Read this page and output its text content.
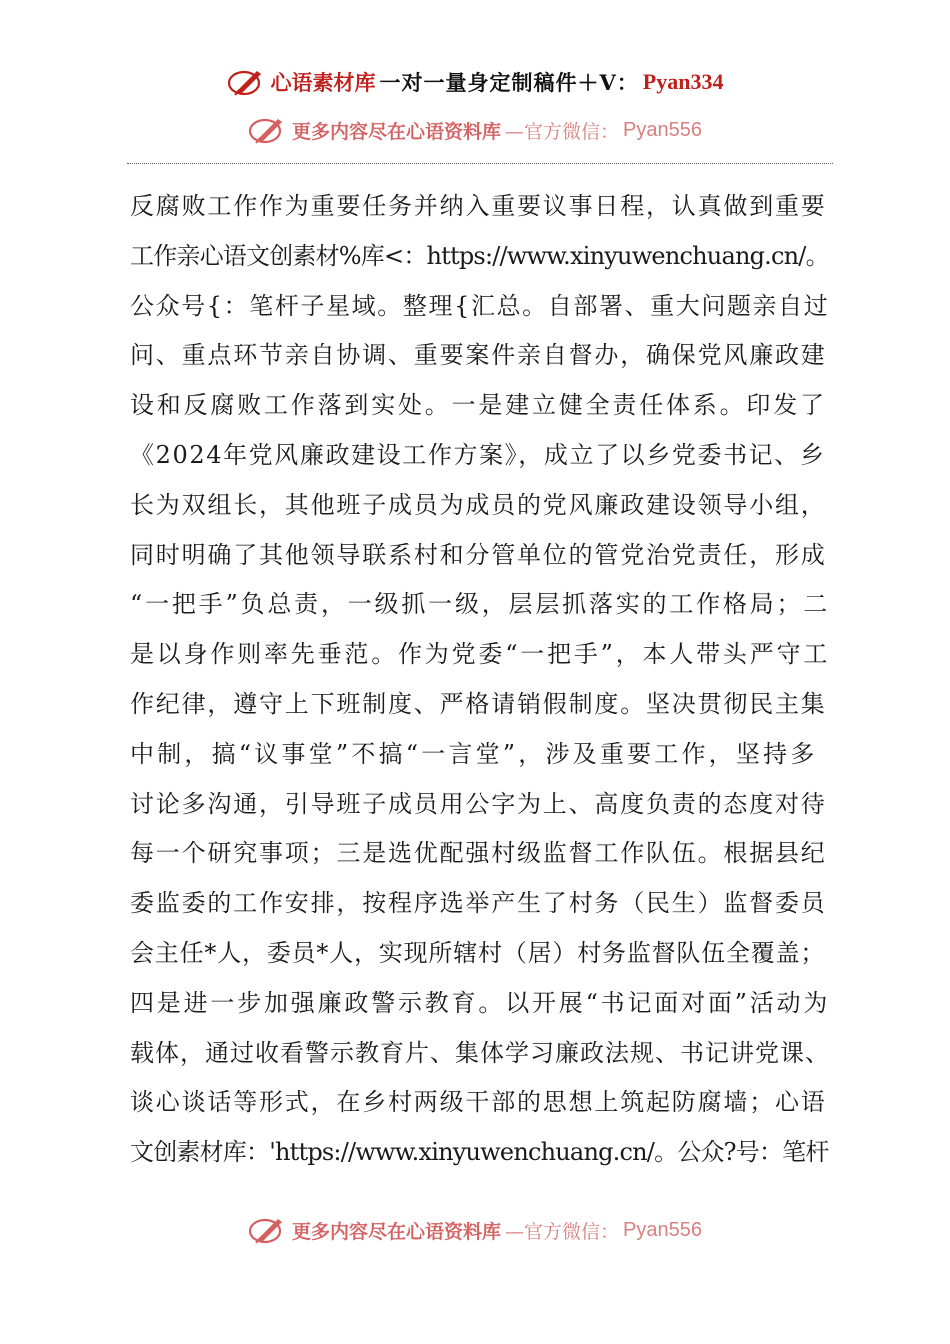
心语素材库 一对一量身定制稿件＋V： Pyan334
更多内容尽在心语资料库 —官方微信： Pyan556
反腐败工作作为重要任务并纳入重要议事日程，认真做到重要
工作亲心语文创素材%库<：https://www.xinyuwenchuang.cn/。
公众号{：笔杆子星域。整理{汇总。自部署、重大问题亲自过
问、重点环节亲自协调、重要案件亲自督办，确保党风廉政建
设和反腐败工作落到实处。一是建立健全责任体系。印发了
《2024年党风廉政建设工作方案》，成立了以乡党委书记、乡
长为双组长，其他班子成员为成员的党风廉政建设领导小组，
同时明确了其他领导联系村和分管单位的管党治党责任，形成
“一把手”负总责，一级抓一级，层层抓落实的工作格局；二
是以身作则率先垂范。作为党委“一把手”，本人带头严守工
作纪律，遵守上下班制度、严格请销假制度。坚决贯彻民主集
中制，搞“议事堂”不搞“一言堂”，涉及重要工作，坚持多
讨论多沟通，引导班子成员用公字为上、高度负责的态度对待
每一个研究事项；三是选优配强村级监督工作队伍。根据县纪
委监委的工作安排，按程序选举产生了村务（民生）监督委员
会主任*人，委员*人，实现所辖村（居）村务监督队伍全覆盖；
四是进一步加强廉政警示教育。以开展“书记面对面”活动为
载体，通过收看警示教育片、集体学习廉政法规、书记讲党课、
谈心谈话等形式，在乡村两级干部的思想上筑起防腐墙；心语
文创素材库：'https://www.xinyuwenchuang.cn/。公众?号：笔杆
更多内容尽在心语资料库 —官方微信： Pyan556
